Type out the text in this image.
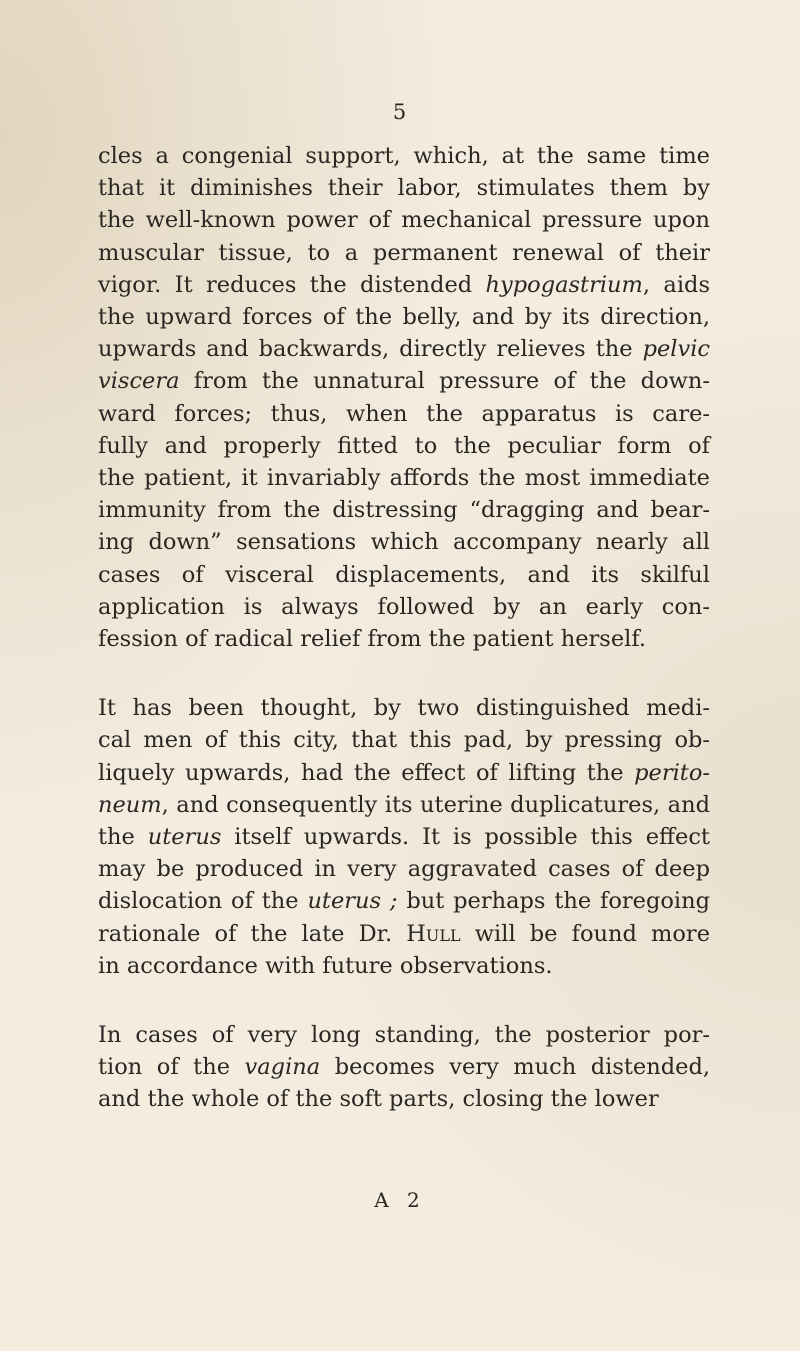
5

cles a congenial support, which, at the same time
that it diminishes their labor, stimulates them by
the well-known power of mechanical pressure upon
muscular tissue, to a permanent renewal of their
vigor. It reduces the distended hypogastrium, aids
the upward forces of the belly, and by its direction,
upwards and backwards, directly relieves the pelvic
viscera from the unnatural pressure of the down-
ward forces; thus, when the apparatus is care-
fully and properly fitted to the peculiar form of
the patient, it invariably affords the most immediate
immunity from the distressing “dragging and bear-
ing down” sensations which accompany nearly all
cases of visceral displacements, and its skilful
application is always followed by an early con-
fession of radical relief from the patient herself.

It has been thought, by two distinguished medi-
cal men of this city, that this pad, by pressing ob-
liquely upwards, had the effect of lifting the perito-
neum, and consequently its uterine duplicatures, and
the uterus itself upwards. It is possible this effect
may be produced in very aggravated cases of deep
dislocation of the uterus ; but perhaps the foregoing
rationale of the late Dr. Hull will be found more
in accordance with future observations.

In cases of very long standing, the posterior por-
tion of the vagina becomes very much distended,
and the whole of the soft parts, closing the lower

A 2
